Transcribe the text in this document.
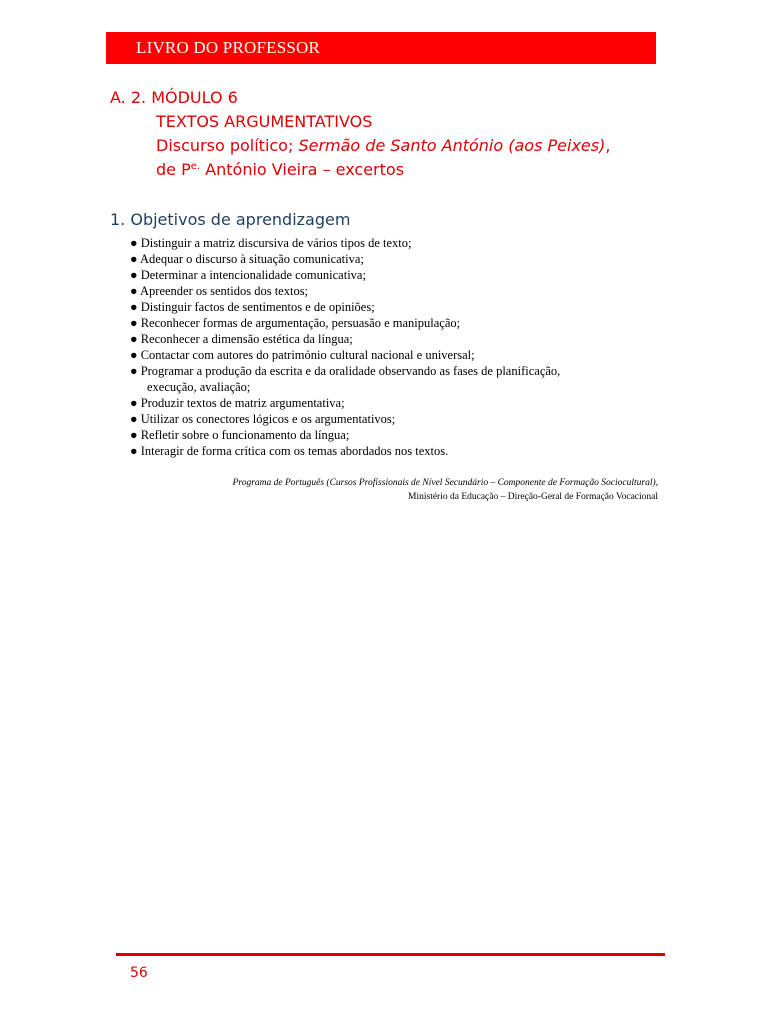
LIVRO DO PROFESSOR
A. 2. MÓDULO 6
TEXTOS ARGUMENTATIVOS
Discurso político; Sermão de Santo António (aos Peixes),
de $P^{e.}$ António Vieira – excertos
1. Objetivos de aprendizagem
● Distinguir a matriz discursiva de vários tipos de texto;
● Adequar o discurso à situação comunicativa;
● Determinar a intencionalidade comunicativa;
● Apreender os sentidos dos textos;
● Distinguir factos de sentimentos e de opiniões;
● Reconhecer formas de argumentação, persuasão e manipulação;
● Reconhecer a dimensão estética da língua;
● Contactar com autores do património cultural nacional e universal;
● Programar a produção da escrita e da oralidade observando as fases de planificação,
execução, avaliação;
● Produzir textos de matriz argumentativa;
● Utilizar os conectores lógicos e os argumentativos;
● Refletir sobre o funcionamento da língua;
● Interagir de forma crítica com os temas abordados nos textos.
Programa de Português (Cursos Profissionais de Nível Secundário – Componente de Formação Sociocultural),
Ministério da Educação – Direção-Geral de Formação Vocacional
56
